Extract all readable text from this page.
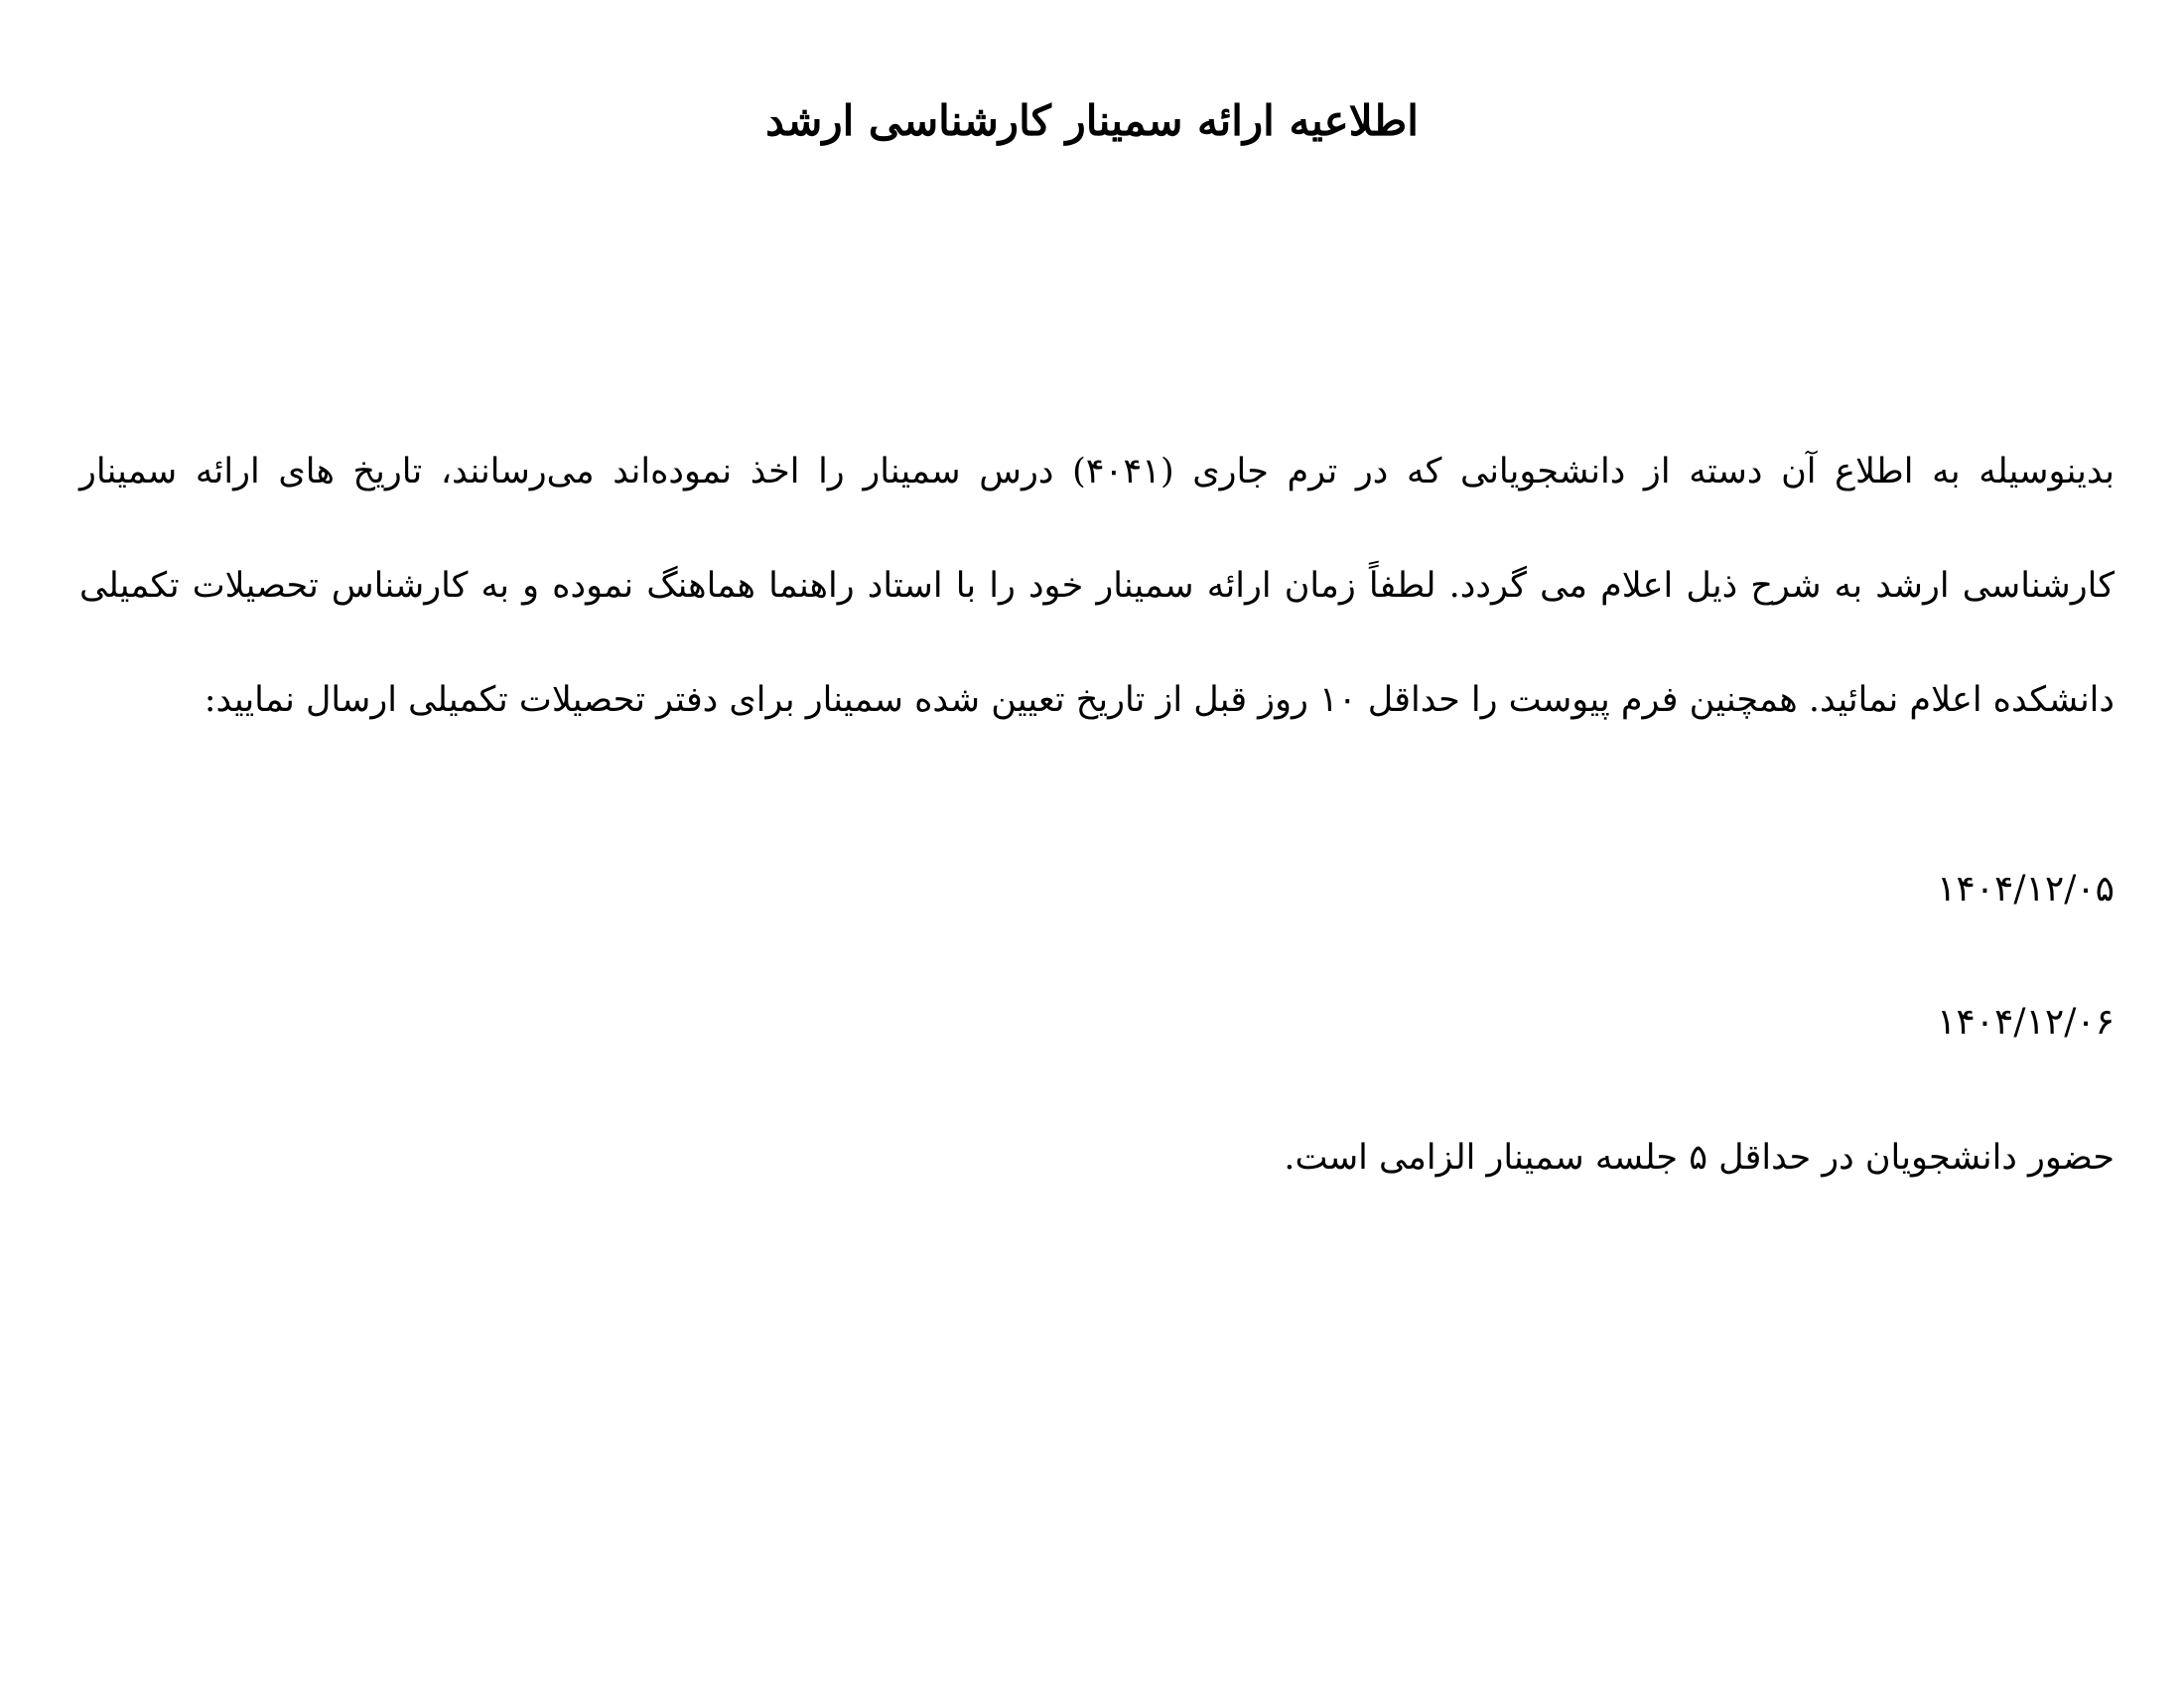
اطلاعیه ارائه سمینار کارشناسی ارشد
بدینوسیله به اطلاع آن دسته از دانشجویانی که در ترم جاری (۴۰۴۱) درس سمینار را اخذ نموده‌اند می‌رسانند، تاریخ های ارائه سمینار کارشناسی ارشد به شرح ذیل اعلام می گردد. لطفاً زمان ارائه سمینار خود را با استاد راهنما هماهنگ نموده و به کارشناس تحصیلات تکمیلی دانشکده اعلام نمائید. همچنین فرم پیوست را حداقل ۱۰ روز قبل از تاریخ تعیین شده سمینار برای دفتر تحصیلات تکمیلی ارسال نمایید:
۱۴۰۴/۱۲/۰۵
۱۴۰۴/۱۲/۰۶
حضور دانشجویان در حداقل ۵ جلسه سمینار الزامی است.
